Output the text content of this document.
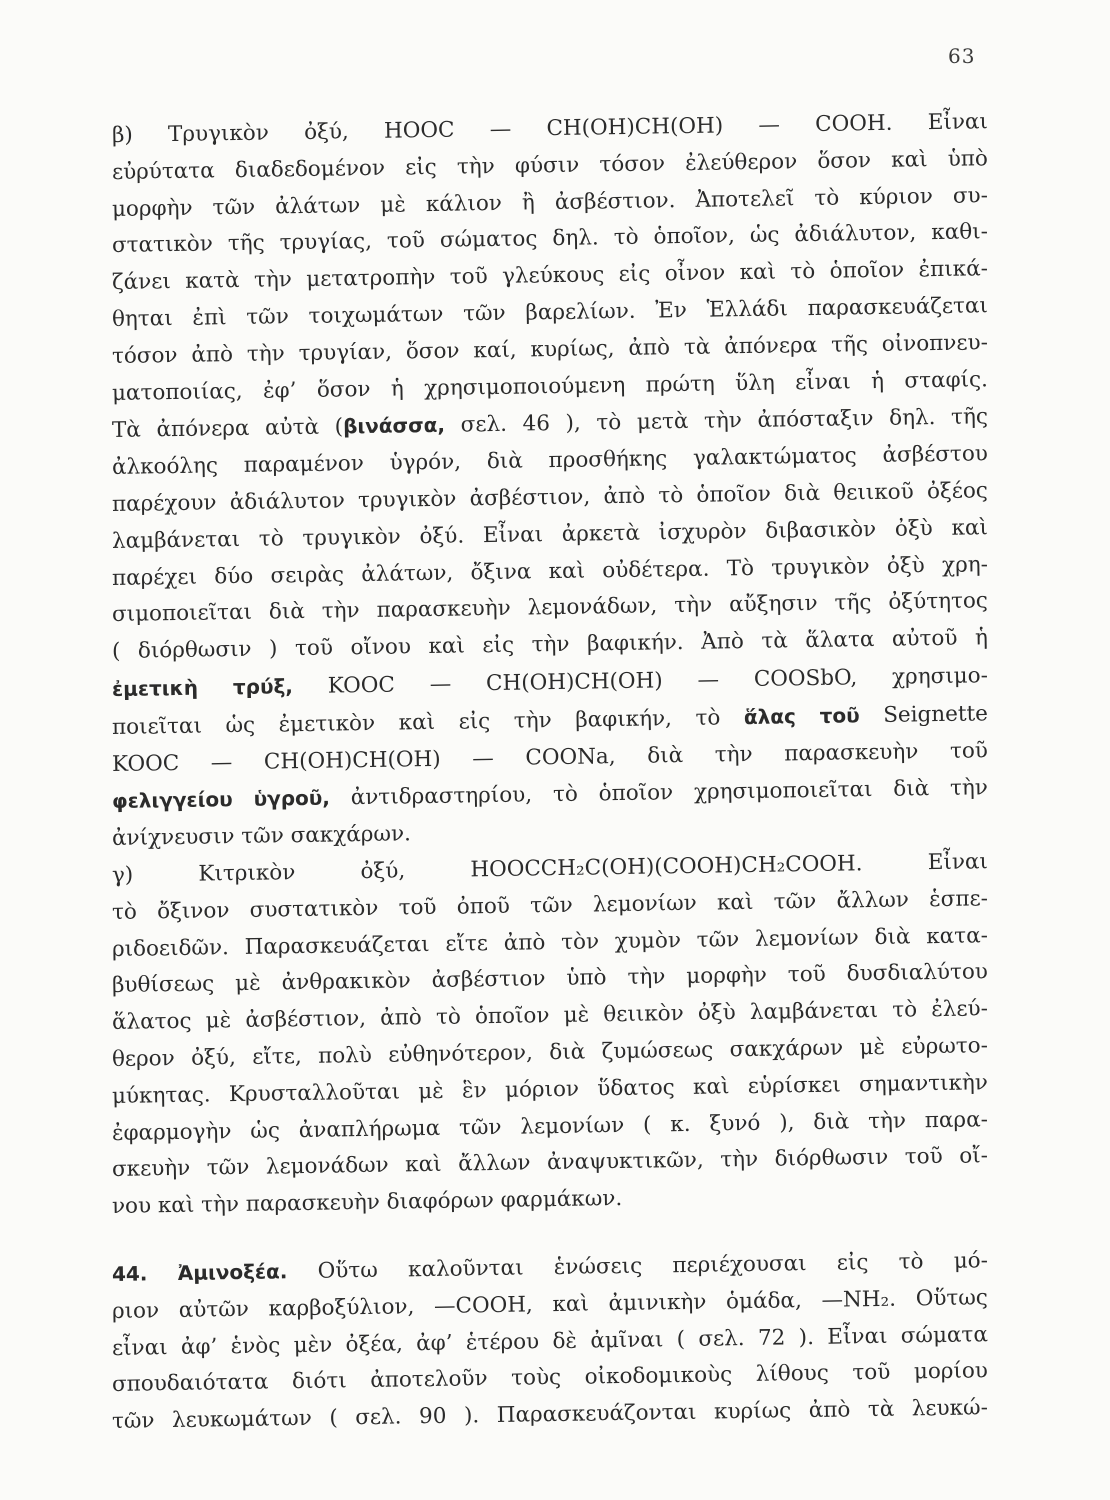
63
β) Τρυγικὸν ὀξύ, HOOC — CH(OH)CH(OH) — COOH. Εἶναι
εὐρύτατα διαδεδομένον εἰς τὴν φύσιν τόσον ἐλεύθερον ὅσον καὶ ὑπὸ
μορφὴν τῶν ἀλάτων μὲ κάλιον ἢ ἀσβέστιον. Ἀποτελεῖ τὸ κύριον συ-
στατικὸν τῆς τρυγίας, τοῦ σώματος δηλ. τὸ ὁποῖον, ὡς ἀδιάλυτον, καθι-
ζάνει κατὰ τὴν μετατροπὴν τοῦ γλεύκους εἰς οἶνον καὶ τὸ ὁποῖον ἐπικά-
θηται ἐπὶ τῶν τοιχωμάτων τῶν βαρελίων. Ἐν Ἑλλάδι παρασκευάζεται
τόσον ἀπὸ τὴν τρυγίαν, ὅσον καί, κυρίως, ἀπὸ τὰ ἀπόνερα τῆς οἰνοπνευ-
ματοποιίας, ἐφ’ ὅσον ἡ χρησιμοποιούμενη πρώτη ὕλη εἶναι ἡ σταφίς.
Τὰ ἀπόνερα αὐτὰ (βινάσσα, σελ. 46 ), τὸ μετὰ τὴν ἀπόσταξιν δηλ. τῆς
ἀλκοόλης παραμένον ὑγρόν, διὰ προσθήκης γαλακτώματος ἀσβέστου
παρέχουν ἀδιάλυτον τρυγικὸν ἀσβέστιον, ἀπὸ τὸ ὁποῖον διὰ θειικοῦ ὀξέος
λαμβάνεται τὸ τρυγικὸν ὀξύ. Εἶναι ἀρκετὰ ἰσχυρὸν διβασικὸν ὀξὺ καὶ
παρέχει δύο σειρὰς ἀλάτων, ὄξινα καὶ οὐδέτερα. Τὸ τρυγικὸν ὀξὺ χρη-
σιμοποιεῖται διὰ τὴν παρασκευὴν λεμονάδων, τὴν αὔξησιν τῆς ὀξύτητος
( διόρθωσιν ) τοῦ οἴνου καὶ εἰς τὴν βαφικήν. Ἀπὸ τὰ ἅλατα αὐτοῦ ἡ
ἐμετικὴ τρύξ, KOOC — CH(OH)CH(OH) — COOSbO, χρησιμο-
ποιεῖται ὡς ἐμετικὸν καὶ εἰς τὴν βαφικήν, τὸ ἅλας τοῦ Seignette
KOOC — CH(OH)CH(OH) — COONa, διὰ τὴν παρασκευὴν τοῦ
φελιγγείου ὑγροῦ, ἀντιδραστηρίου, τὸ ὁποῖον χρησιμοποιεῖται διὰ τὴν
ἀνίχνευσιν τῶν σακχάρων.
γ) Κιτρικὸν ὀξύ, HOOCCH₂C(OH)(COOH)CH₂COOH. Εἶναι
τὸ ὄξινον συστατικὸν τοῦ ὀποῦ τῶν λεμονίων καὶ τῶν ἄλλων ἑσπε-
ριδοειδῶν. Παρασκευάζεται εἴτε ἀπὸ τὸν χυμὸν τῶν λεμονίων διὰ κατα-
βυθίσεως μὲ ἀνθρακικὸν ἀσβέστιον ὑπὸ τὴν μορφὴν τοῦ δυσδιαλύτου
ἅλατος μὲ ἀσβέστιον, ἀπὸ τὸ ὁποῖον μὲ θειικὸν ὀξὺ λαμβάνεται τὸ ἐλεύ-
θερον ὀξύ, εἴτε, πολὺ εὐθηνότερον, διὰ ζυμώσεως σακχάρων μὲ εὐρωτο-
μύκητας. Κρυσταλλοῦται μὲ ἓν μόριον ὕδατος καὶ εὑρίσκει σημαντικὴν
ἐφαρμογὴν ὡς ἀναπλήρωμα τῶν λεμονίων ( κ. ξυνό ), διὰ τὴν παρα-
σκευὴν τῶν λεμονάδων καὶ ἄλλων ἀναψυκτικῶν, τὴν διόρθωσιν τοῦ οἴ-
νου καὶ τὴν παρασκευὴν διαφόρων φαρμάκων.
44. Ἀμινοξέα. Οὕτω καλοῦνται ἑνώσεις περιέχουσαι εἰς τὸ μό-
ριον αὐτῶν καρβοξύλιον, —COOH, καὶ ἀμινικὴν ὁμάδα, —NH₂. Οὕτως
εἶναι ἀφ’ ἑνὸς μὲν ὀξέα, ἀφ’ ἑτέρου δὲ ἀμῖναι ( σελ. 72 ). Εἶναι σώματα
σπουδαιότατα διότι ἀποτελοῦν τοὺς οἰκοδομικοὺς λίθους τοῦ μορίου
τῶν λευκωμάτων ( σελ. 90 ). Παρασκευάζονται κυρίως ἀπὸ τὰ λευκώ-
